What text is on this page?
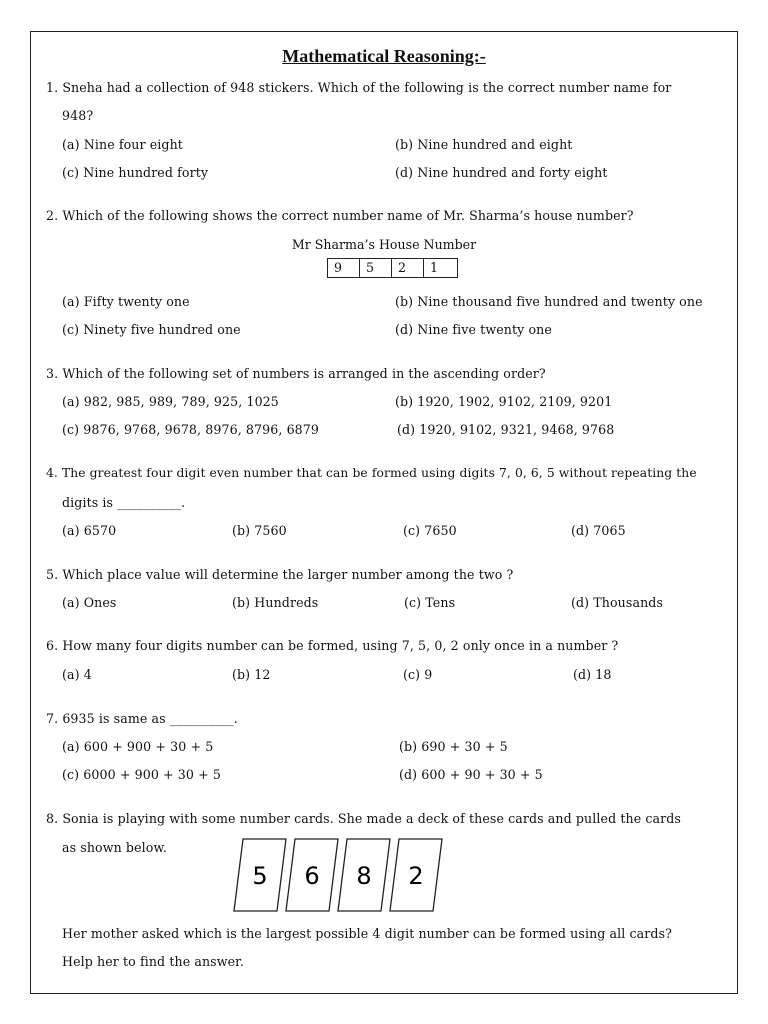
Mathematical Reasoning:-
1. Sneha had a collection of 948 stickers. Which of the following is the correct number name for
948?
(a) Nine four eight	(b) Nine hundred and eight
(c) Nine hundred forty	(d) Nine hundred and forty eight
2. Which of the following shows the correct number name of Mr. Sharma’s house number?
Mr Sharma’s House Number
9	5	2	1
(a) Fifty twenty one	(b) Nine thousand five hundred and twenty one
(c) Ninety five hundred one	(d) Nine five twenty one
3. Which of the following set of numbers is arranged in the ascending order?
(a) 982, 985, 989, 789, 925, 1025	(b) 1920, 1902, 9102, 2109, 9201
(c) 9876, 9768, 9678, 8976, 8796, 6879	(d) 1920, 9102, 9321, 9468, 9768
4. The greatest four digit even number that can be formed using digits 7, 0, 6, 5 without repeating the
digits is __________.
(a) 6570	(b) 7560	(c) 7650	(d) 7065
5. Which place value will determine the larger number among the two ?
(a) Ones	(b) Hundreds	(c) Tens	(d) Thousands
6. How many four digits number can be formed, using 7, 5, 0, 2 only once in a number ?
(a) 4	(b) 12	(c) 9	(d) 18
7. 6935 is same as __________.
(a) 600 + 900 + 30 + 5	(b) 690 + 30 + 5
(c) 6000 + 900 + 30 + 5	(d) 600 + 90 + 30 + 5
8. Sonia is playing with some number cards. She made a deck of these cards and pulled the cards
as shown below.
5 6 8 2
Her mother asked which is the largest possible 4 digit number can be formed using all cards?
Help her to find the answer.
